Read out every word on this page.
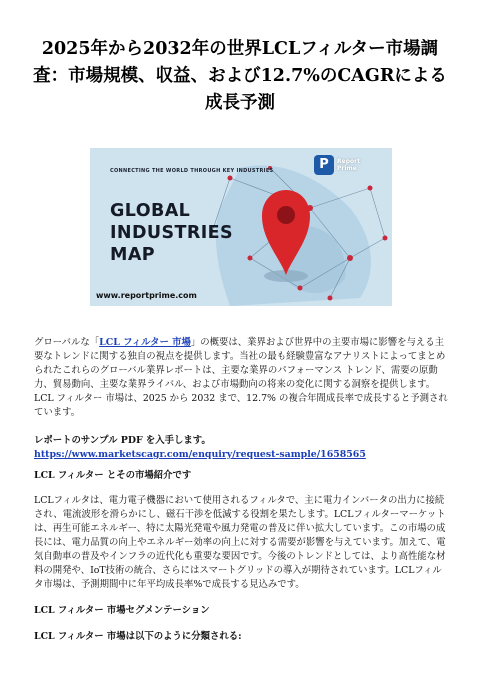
2025年から2032年の世界LCLフィルター市場調査：市場規模、収益、および12.7%のCAGRによる成長予測
CONNECTING THE WORLD THROUGH KEY INDUSTRIES
GLOBAL
INDUSTRIES
MAP
www.reportprime.com
P	Report
Prime

グローバルな「LCL フィルター 市場」の概要は、業界および世界中の主要市場に影響を与える主要なトレンドに関する独自の視点を提供します。当社の最も経験豊富なアナリストによってまとめられたこれらのグローバル業界レポートは、主要な業界のパフォーマンス トレンド、需要の原動力、貿易動向、主要な業界ライバル、および市場動向の将来の変化に関する洞察を提供します。LCL フィルター 市場は、2025 から 2032 まで、12.7% の複合年間成長率で成長すると予測されています。

レポートのサンプル PDF を入手します。https://www.marketscagr.com/enquiry/request-sample/1658565

LCL フィルター とその市場紹介です

LCLフィルタは、電力電子機器において使用されるフィルタで、主に電力インバータの出力に接続され、電流波形を滑らかにし、磁石干渉を低減する役割を果たします。LCLフィルターマーケットは、再生可能エネルギー、特に太陽光発電や風力発電の普及に伴い拡大しています。この市場の成長には、電力品質の向上やエネルギー効率の向上に対する需要が影響を与えています。加えて、電気自動車の普及やインフラの近代化も重要な要因です。今後のトレンドとしては、より高性能な材料の開発や、IoT技術の統合、さらにはスマートグリッドの導入が期待されています。LCLフィルタ市場は、予測期間中に年平均成長率%で成長する見込みです。

LCL フィルター 市場セグメンテーション

LCL フィルター 市場は以下のように分類される:
